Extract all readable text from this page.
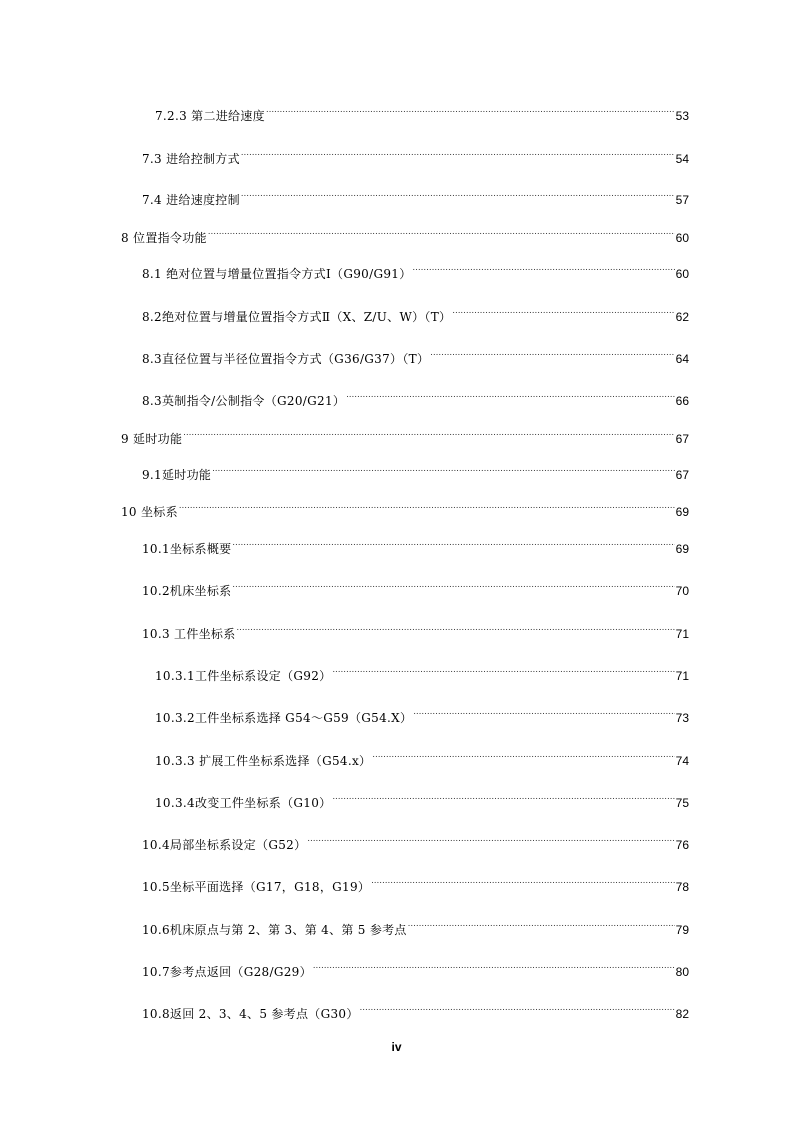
7.2.3 第二进给速度 .....	53
7.3 进给控制方式 .....	54
7.4 进给速度控制 .....	57
8 位置指令功能 .....	60
8.1 绝对位置与增量位置指令方式Ⅰ（G90/G91） .....	60
8.2绝对位置与增量位置指令方式Ⅱ（X、Z/U、W）（T） .....	62
8.3直径位置与半径位置指令方式（G36/G37）（T） .....	64
8.3英制指令/公制指令（G20/G21） .....	66
9 延时功能 .....	67
9.1延时功能 .....	67
10 坐标系 .....	69
10.1坐标系概要 .....	69
10.2机床坐标系 .....	70
10.3 工件坐标系 .....	71
10.3.1工件坐标系设定（G92） .....	71
10.3.2工件坐标系选择 G54～G59（G54.X） .....	73
10.3.3 扩展工件坐标系选择（G54.x） .....	74
10.3.4改变工件坐标系（G10） .....	75
10.4局部坐标系设定（G52） .....	76
10.5坐标平面选择（G17，G18，G19） .....	78
10.6机床原点与第 2、第 3、第 4、第 5 参考点 .....	79
10.7参考点返回（G28/G29） .....	80
10.8返回 2、3、4、5 参考点（G30） .....	82
iv
